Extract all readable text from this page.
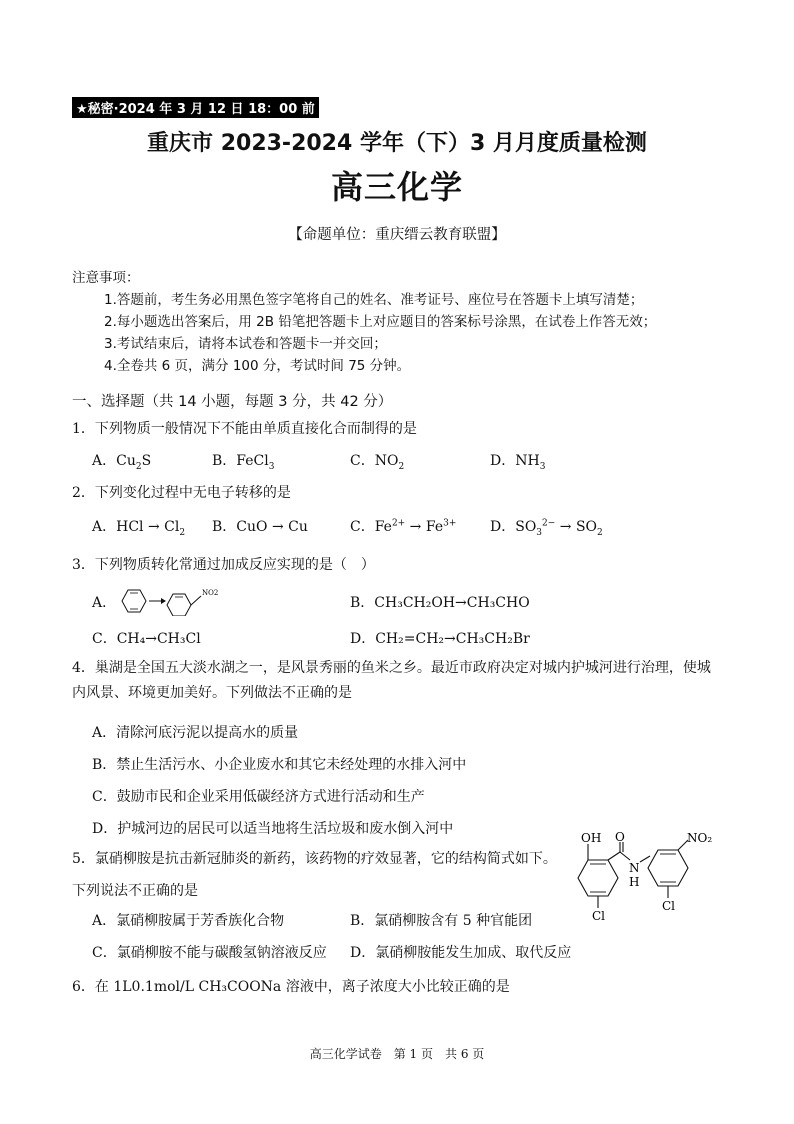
★秘密·2024 年 3 月 12 日 18：00 前
重庆市 2023-2024 学年（下）3 月月度质量检测
高三化学
【命题单位：重庆缙云教育联盟】
注意事项：
1.答题前，考生务必用黑色签字笔将自己的姓名、准考证号、座位号在答题卡上填写清楚；
2.每小题选出答案后，用 2B 铅笔把答题卡上对应题目的答案标号涂黑，在试卷上作答无效；
3.考试结束后，请将本试卷和答题卡一并交回；
4.全卷共 6 页，满分 100 分，考试时间 75 分钟。
一、选择题（共 14 小题，每题 3 分，共 42 分）
1．下列物质一般情况下不能由单质直接化合而制得的是
A．$Cu_2S$	B．FeCl$_3$	C．$NO_2$	D．$NH_3$
2．下列变化过程中无电子转移的是
A．HCl → $Cl_2$ B．CuO → Cu	C．$Fe^{2+} \to Fe^{3+}$ D．$SO_3^{2-} \to SO_2$
3．下列物质转化常通过加成反应实现的是（　）
A．
NO2
B．CH₃CH₂OH→CH₃CHO
C．CH₄→CH₃Cl	D．CH₂=CH₂→CH₃CH₂Br
4．巢湖是全国五大淡水湖之一，是风景秀丽的鱼米之乡。最近市政府决定对城内护城河进行治理，使城内风景、环境更加美好。下列做法不正确的是
A．清除河底污泥以提高水的质量
B．禁止生活污水、小企业废水和其它未经处理的水排入河中
C．鼓励市民和企业采用低碳经济方式进行活动和生产
D．护城河边的居民可以适当地将生活垃圾和废水倒入河中
5．氯硝柳胺是抗击新冠肺炎的新药，该药物的疗效显著，它的结构简式如下。
下列说法不正确的是
OH
Cl
O
N
H
NO₂
Cl
A．氯硝柳胺属于芳香族化合物	B．氯硝柳胺含有 5 种官能团
C．氯硝柳胺不能与碳酸氢钠溶液反应 D．氯硝柳胺能发生加成、取代反应
6．在 1L0.1mol/L CH₃COONa 溶液中，离子浓度大小比较正确的是
高三化学试卷　第 1 页　共 6 页
